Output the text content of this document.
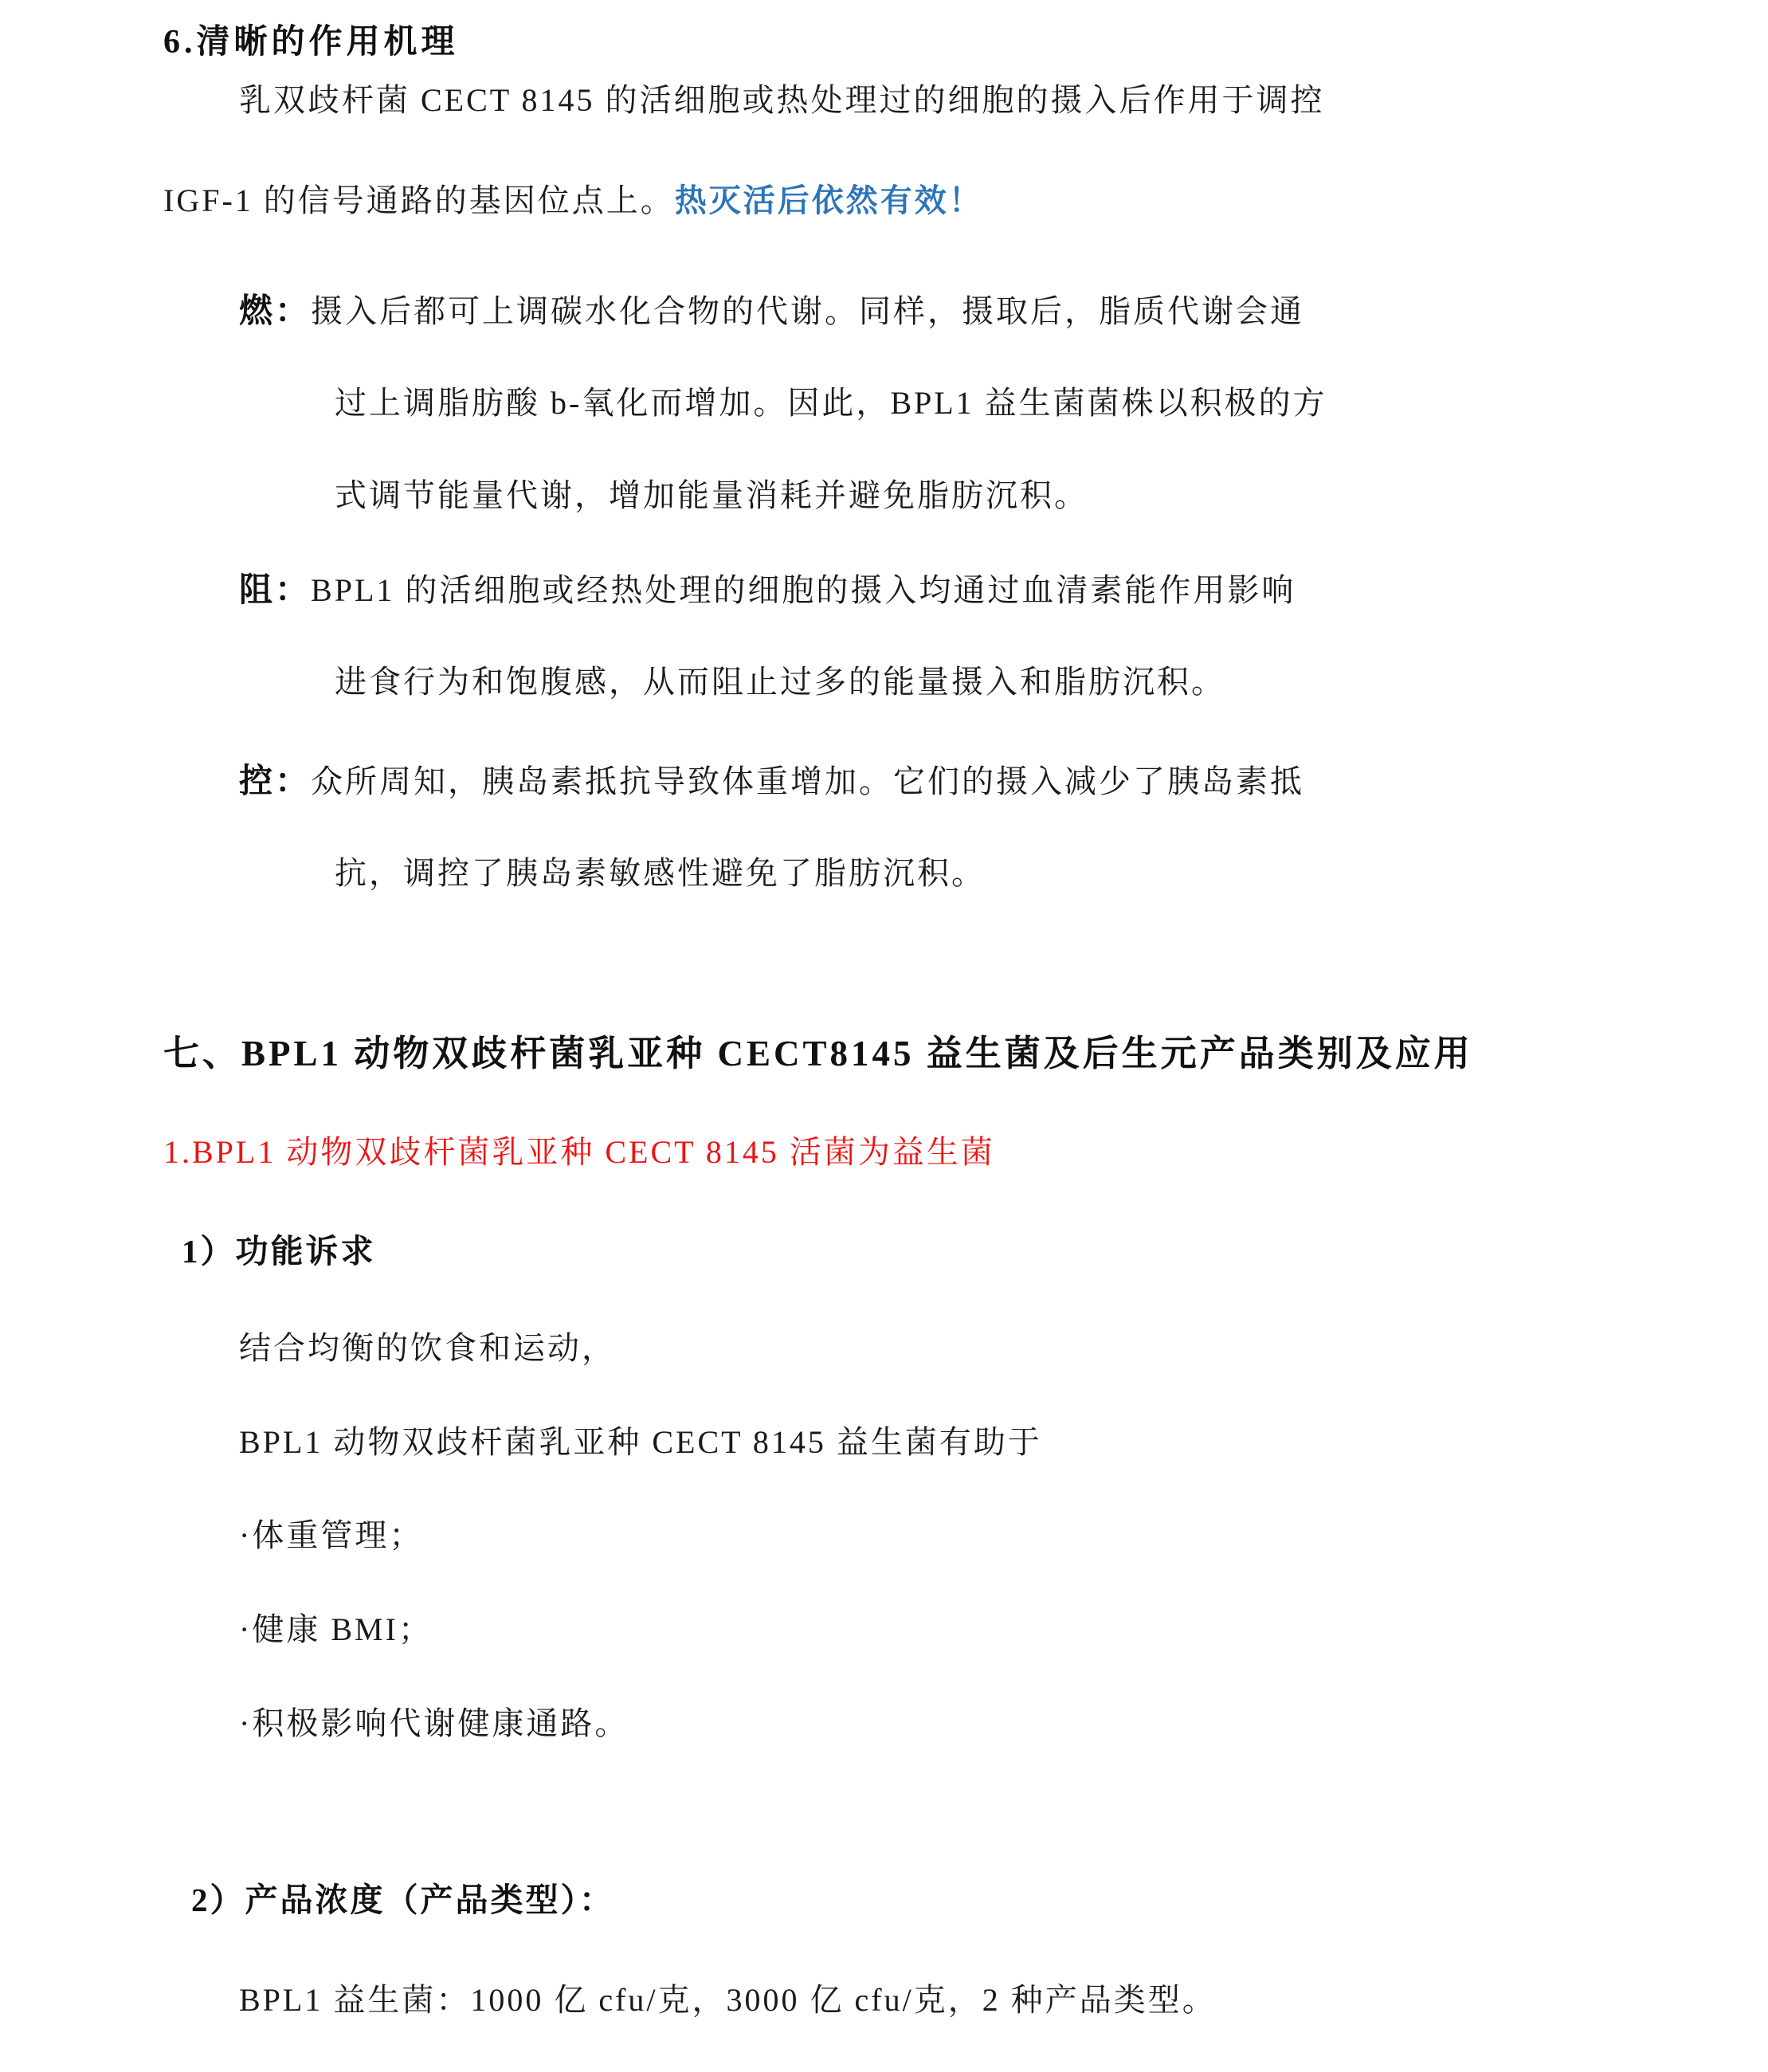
6.清晰的作用机理
乳双歧杆菌 CECT 8145 的活细胞或热处理过的细胞的摄入后作用于调控
IGF-1 的信号通路的基因位点上。热灭活后依然有效！
燃：摄入后都可上调碳水化合物的代谢。同样，摄取后，脂质代谢会通
过上调脂肪酸 b-氧化而增加。因此，BPL1 益生菌菌株以积极的方
式调节能量代谢，增加能量消耗并避免脂肪沉积。
阻：BPL1 的活细胞或经热处理的细胞的摄入均通过血清素能作用影响
进食行为和饱腹感，从而阻止过多的能量摄入和脂肪沉积。
控：众所周知，胰岛素抵抗导致体重增加。它们的摄入减少了胰岛素抵
抗，调控了胰岛素敏感性避免了脂肪沉积。
七、BPL1 动物双歧杆菌乳亚种 CECT8145 益生菌及后生元产品类别及应用
1.BPL1 动物双歧杆菌乳亚种 CECT 8145 活菌为益生菌
1）功能诉求
结合均衡的饮食和运动，
BPL1 动物双歧杆菌乳亚种 CECT 8145 益生菌有助于
·体重管理；
·健康 BMI；
·积极影响代谢健康通路。
2）产品浓度（产品类型）：
BPL1 益生菌：1000 亿 cfu/克，3000 亿 cfu/克，2 种产品类型。
